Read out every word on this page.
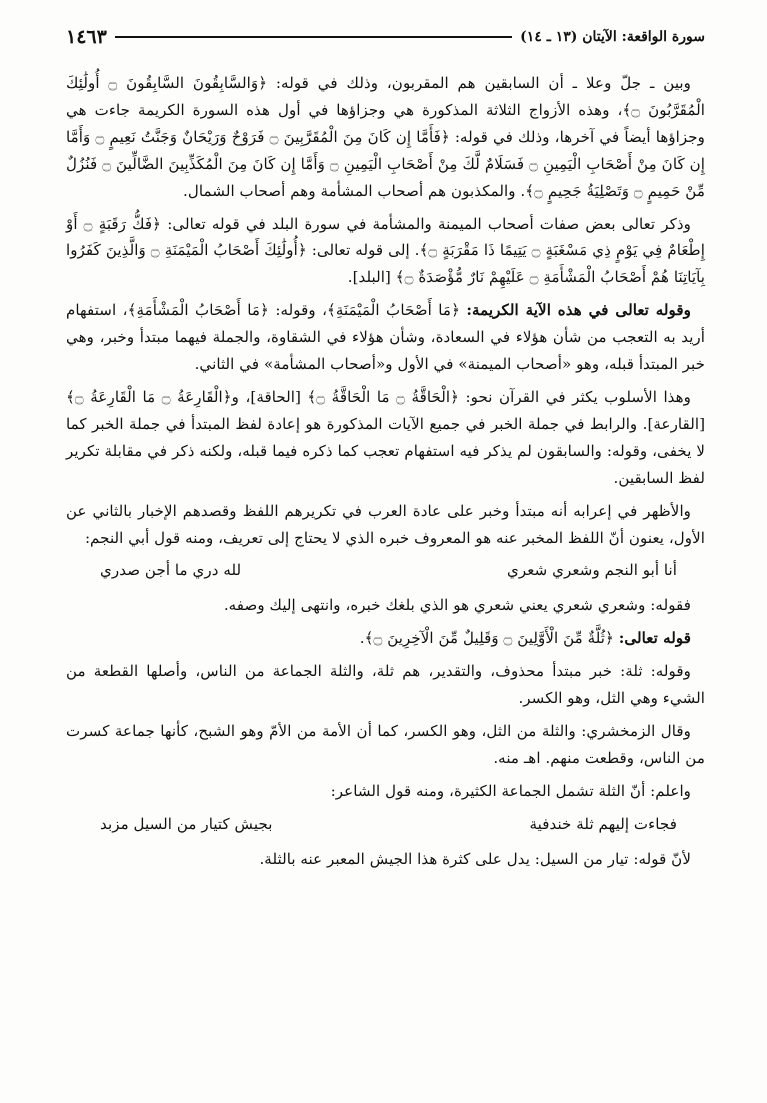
سورة الواقعة: الآيتان (١٣ ـ ١٤)
١٤٦٣

وبين ـ جلّ وعلا ـ أن السابقين هم المقربون، وذلك في قوله: ﴿وَالسَّابِقُونَ السَّابِقُونَ ۝ أُولَٰئِكَ الْمُقَرَّبُونَ ۝﴾، وهذه الأزواج الثلاثة المذكورة هي وجزاؤها في أول هذه السورة الكريمة جاءت هي وجزاؤها أيضاً في آخرها، وذلك في قوله: ﴿فَأَمَّا إِن كَانَ مِنَ الْمُقَرَّبِينَ ۝ فَرَوْحٌ وَرَيْحَانٌ وَجَنَّتُ نَعِيمٍ ۝ وَأَمَّا إِن كَانَ مِنْ أَصْحَابِ الْيَمِينِ ۝ فَسَلَامٌ لَّكَ مِنْ أَصْحَابِ الْيَمِينِ ۝ وَأَمَّا إِن كَانَ مِنَ الْمُكَذِّبِينَ الضَّالِّينَ ۝ فَنُزُلٌ مِّنْ حَمِيمٍ ۝ وَتَصْلِيَةُ جَحِيمٍ ۝﴾. والمكذبون هم أصحاب المشأمة وهم أصحاب الشمال.

وذكر تعالى بعض صفات أصحاب الميمنة والمشأمة في سورة البلد في قوله تعالى: ﴿فَكُّ رَقَبَةٍ ۝ أَوْ إِطْعَامٌ فِي يَوْمٍ ذِي مَسْغَبَةٍ ۝ يَتِيمًا ذَا مَقْرَبَةٍ ۝﴾. إلى قوله تعالى: ﴿أُولَٰئِكَ أَصْحَابُ الْمَيْمَنَةِ ۝ وَالَّذِينَ كَفَرُوا بِآيَاتِنَا هُمْ أَصْحَابُ الْمَشْأَمَةِ ۝ عَلَيْهِمْ نَارٌ مُّؤْصَدَةٌ ۝﴾ [البلد].

وقوله تعالى في هذه الآية الكريمة: ﴿مَا أَصْحَابُ الْمَيْمَنَةِ﴾، وقوله: ﴿مَا أَصْحَابُ الْمَشْأَمَةِ﴾، استفهام أريد به التعجب من شأن هؤلاء في السعادة، وشأن هؤلاء في الشقاوة، والجملة فيهما مبتدأ وخبر، وهي خبر المبتدأ قبله، وهو «أصحاب الميمنة» في الأول و«أصحاب المشأمة» في الثاني.

وهذا الأسلوب يكثر في القرآن نحو: ﴿الْحَاقَّةُ ۝ مَا الْحَاقَّةُ ۝﴾ [الحاقة]، و﴿الْقَارِعَةُ ۝ مَا الْقَارِعَةُ ۝﴾ [القارعة]. والرابط في جملة الخبر في جميع الآيات المذكورة هو إعادة لفظ المبتدأ في جملة الخبر كما لا يخفى، وقوله: والسابقون لم يذكر فيه استفهام تعجب كما ذكره فيما قبله، ولكنه ذكر في مقابلة تكرير لفظ السابقين.

والأظهر في إعرابه أنه مبتدأ وخبر على عادة العرب في تكريرهم اللفظ وقصدهم الإخبار بالثاني عن الأول، يعنون أنّ اللفظ المخبر عنه هو المعروف خبره الذي لا يحتاج إلى تعريف، ومنه قول أبي النجم:

أنا أبو النجم وشعري شعري
لله دري ما أجن صدري

فقوله: وشعري شعري يعني شعري هو الذي بلغك خبره، وانتهى إليك وصفه.

قوله تعالى: ﴿ثُلَّةٌ مِّنَ الْأَوَّلِينَ ۝ وَقَلِيلٌ مِّنَ الْآخِرِينَ ۝﴾.

وقوله: ثلة: خبر مبتدأ محذوف، والتقدير، هم ثلة، والثلة الجماعة من الناس، وأصلها القطعة من الشيء وهي الثل، وهو الكسر.

وقال الزمخشري: والثلة من الثل، وهو الكسر، كما أن الأمة من الأمّ وهو الشبح، كأنها جماعة كسرت من الناس، وقطعت منهم. اهـ منه.

واعلم: أنّ الثلة تشمل الجماعة الكثيرة، ومنه قول الشاعر:

فجاءت إليهم ثلة خندفية
بجيش كتيار من السيل مزبد

لأنّ قوله: تيار من السيل: يدل على كثرة هذا الجيش المعبر عنه بالثلة.
